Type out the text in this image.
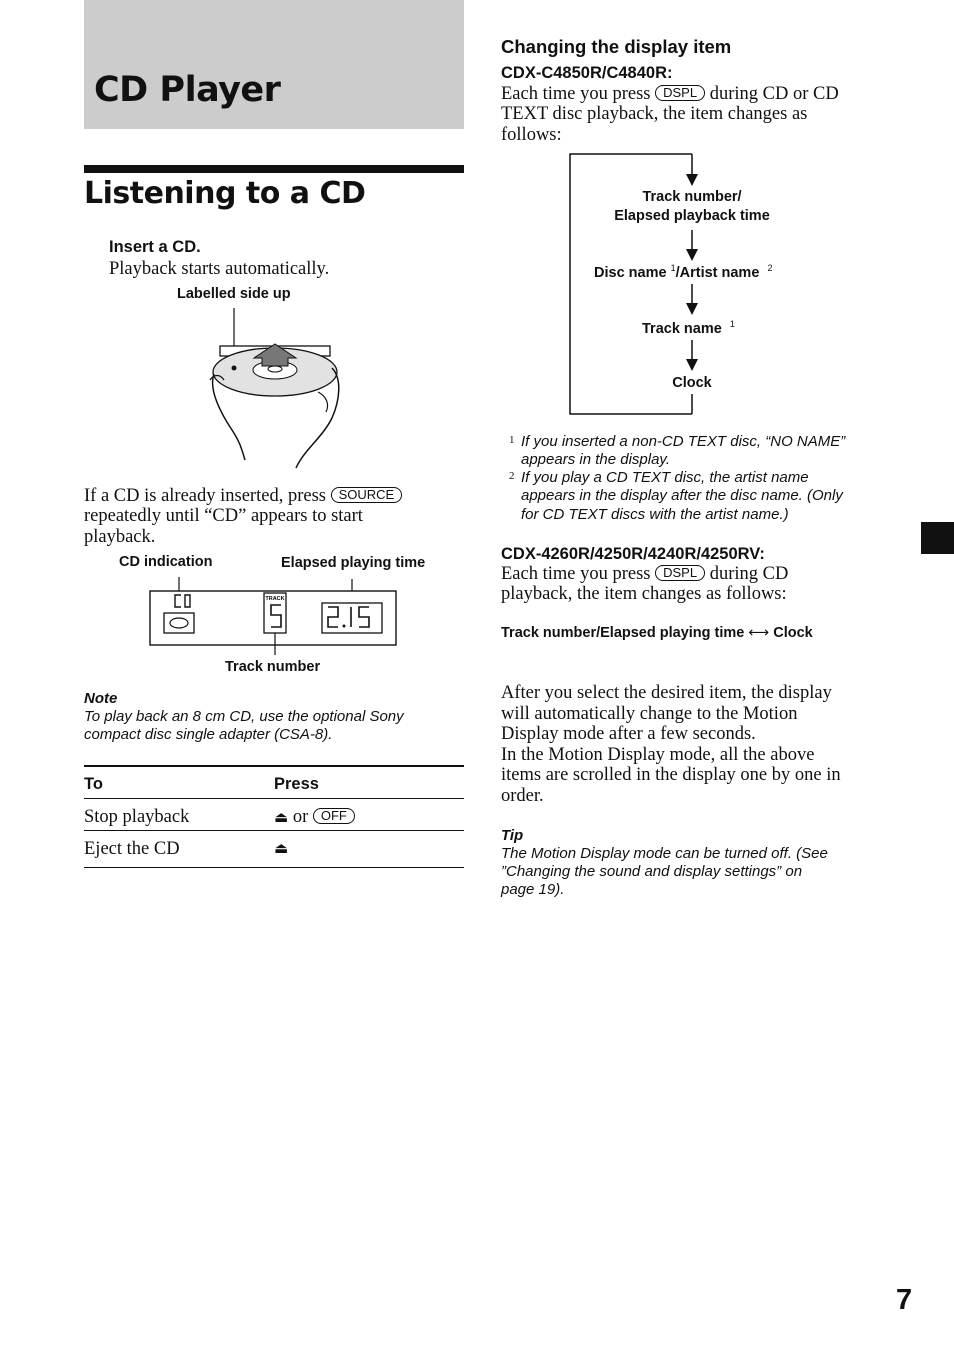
CD Player
Listening to a CD
Insert a CD.
Playback starts automatically.
Labelled side up
If a CD is already inserted, press SOURCE
repeatedly until “CD” appears to start
playback.
CD indication	Elapsed playing time
TRACK
Track number
Note
To play back an 8 cm CD, use the optional Sony
compact disc single adapter (CSA-8).
To	Press
Stop playback	⏏ or OFF
Eject the CD	⏏
Changing the display item
CDX-C4850R/C4840R:
Each time you press DSPL during CD or CD
TEXT disc playback, the item changes as
follows:
Track number/
Elapsed playback time
Disc name $^1$/Artist name $^2$
Track name $^1$
Clock
1 If you inserted a non-CD TEXT disc, “NO NAME”
appears in the display.
2 If you play a CD TEXT disc, the artist name
appears in the display after the disc name. (Only
for CD TEXT discs with the artist name.)
CDX-4260R/4250R/4240R/4250RV:
Each time you press DSPL during CD
playback, the item changes as follows:
Track number/Elapsed playing time ⟷ Clock
After you select the desired item, the display
will automatically change to the Motion
Display mode after a few seconds.
In the Motion Display mode, all the above
items are scrolled in the display one by one in
order.
Tip
The Motion Display mode can be turned off. (See
”Changing the sound and display settings” on
page 19).
7
